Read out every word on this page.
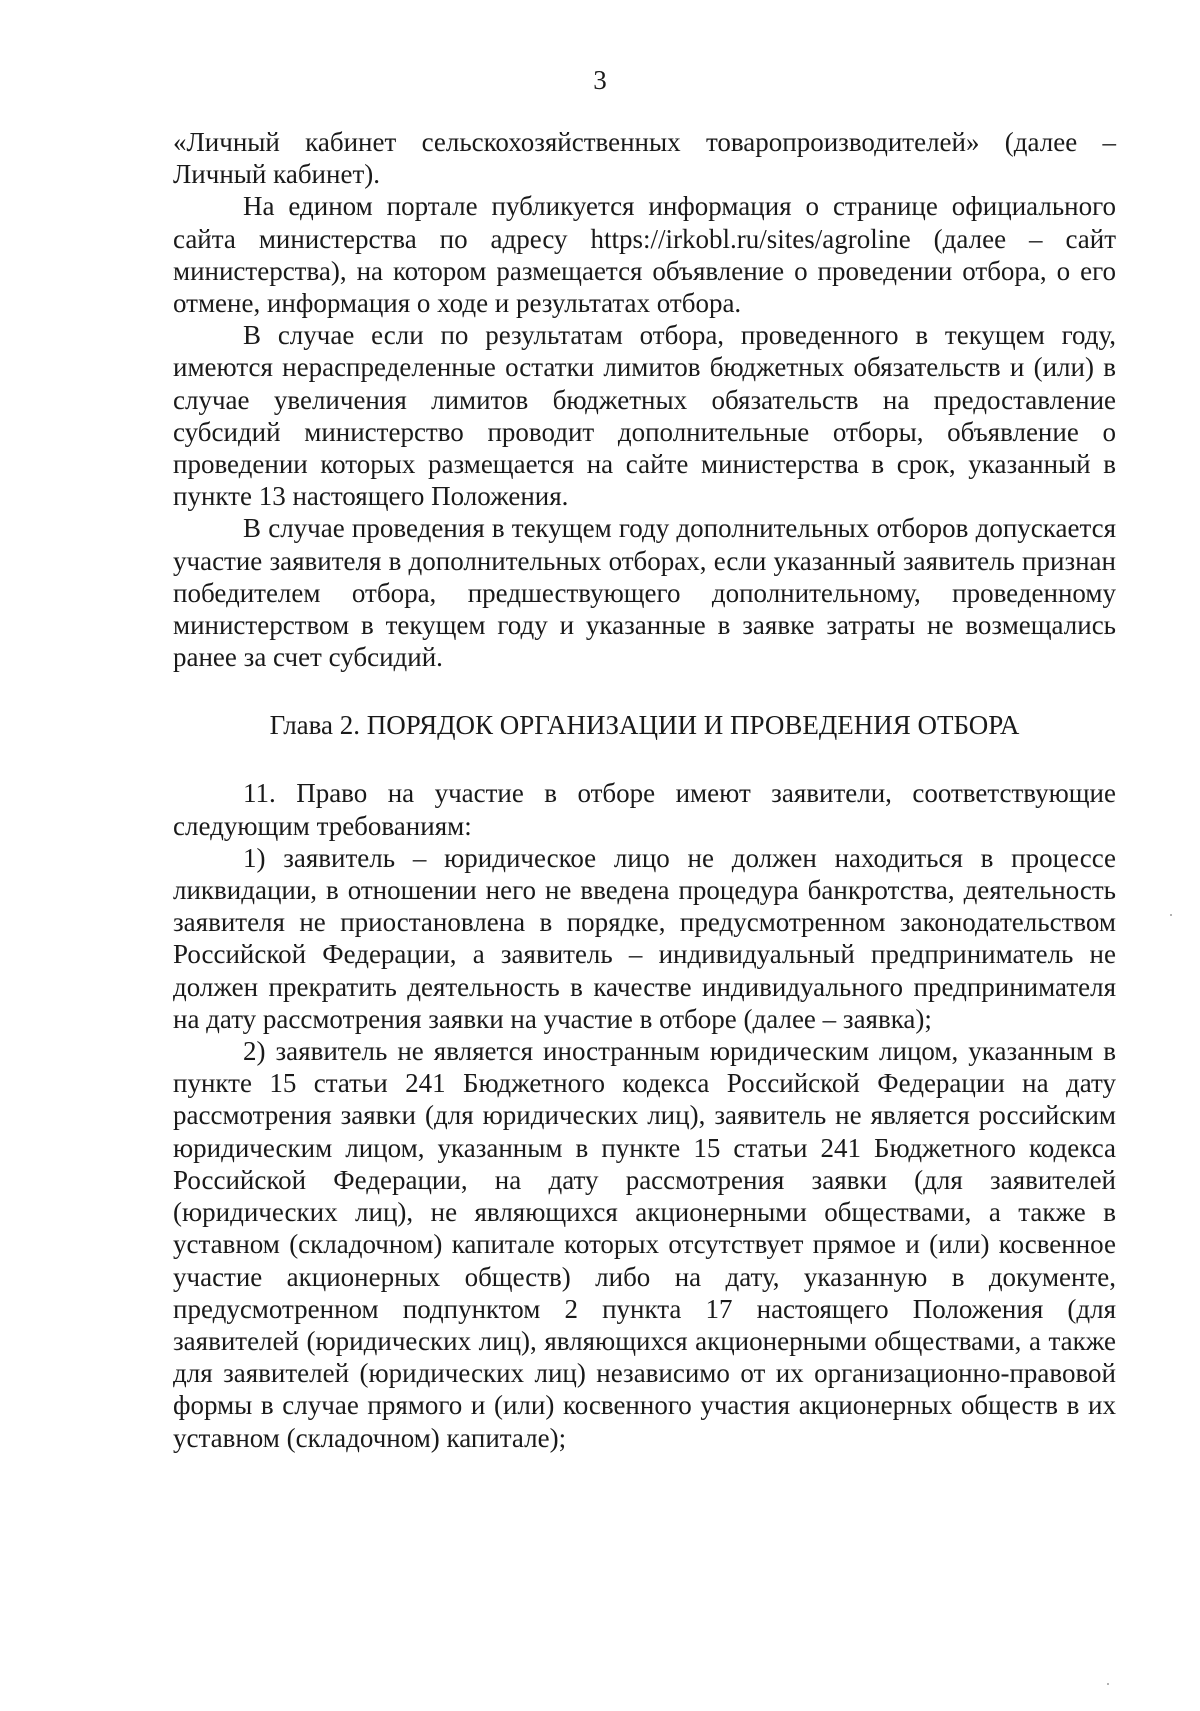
3

«Личный кабинет сельскохозяйственных товаропроизводителей» (далее – Личный кабинет).

На едином портале публикуется информация о странице официального сайта министерства по адресу https://irkobl.ru/sites/agroline (далее – сайт министерства), на котором размещается объявление о проведении отбора, о его отмене, информация о ходе и результатах отбора.

В случае если по результатам отбора, проведенного в текущем году, имеются нераспределенные остатки лимитов бюджетных обязательств и (или) в случае увеличения лимитов бюджетных обязательств на предоставление субсидий министерство проводит дополнительные отборы, объявление о проведении которых размещается на сайте министерства в срок, указанный в пункте 13 настоящего Положения.

В случае проведения в текущем году дополнительных отборов допускается участие заявителя в дополнительных отборах, если указанный заявитель признан победителем отбора, предшествующего дополнительному, проведенному министерством в текущем году и указанные в заявке затраты не возмещались ранее за счет субсидий.

Глава 2. ПОРЯДОК ОРГАНИЗАЦИИ И ПРОВЕДЕНИЯ ОТБОРА

11. Право на участие в отборе имеют заявители, соответствующие следующим требованиям:

1) заявитель – юридическое лицо не должен находиться в процессе ликвидации, в отношении него не введена процедура банкротства, деятельность заявителя не приостановлена в порядке, предусмотренном законодательством Российской Федерации, а заявитель – индивидуальный предприниматель не должен прекратить деятельность в качестве индивидуального предпринимателя на дату рассмотрения заявки на участие в отборе (далее – заявка);

2) заявитель не является иностранным юридическим лицом, указанным в пункте 15 статьи 241 Бюджетного кодекса Российской Федерации на дату рассмотрения заявки (для юридических лиц), заявитель не является российским юридическим лицом, указанным в пункте 15 статьи 241 Бюджетного кодекса Российской Федерации, на дату рассмотрения заявки (для заявителей (юридических лиц), не являющихся акционерными обществами, а также в уставном (складочном) капитале которых отсутствует прямое и (или) косвенное участие акционерных обществ) либо на дату, указанную в документе, предусмотренном подпунктом 2 пункта 17 настоящего Положения (для заявителей (юридических лиц), являющихся акционерными обществами, а также для заявителей (юридических лиц) независимо от их организационно-правовой формы в случае прямого и (или) косвенного участия акционерных обществ в их уставном (складочном) капитале);
